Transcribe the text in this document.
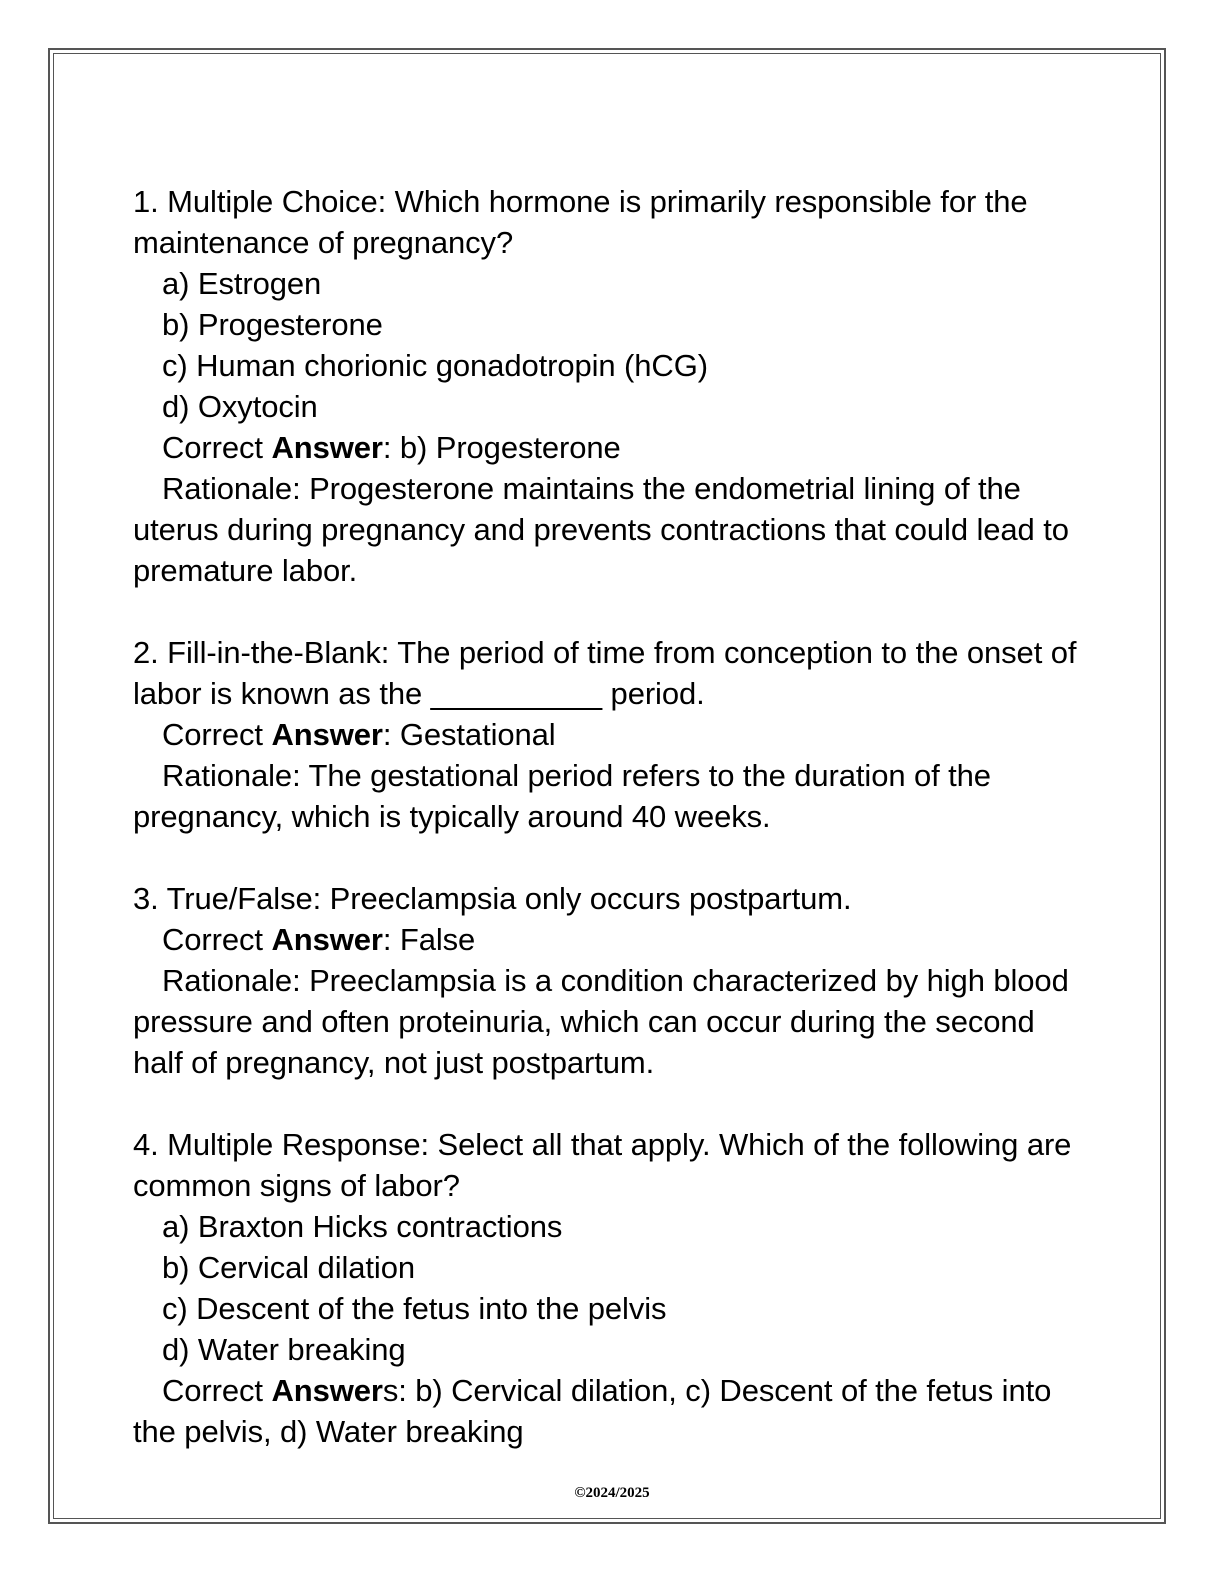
1. Multiple Choice: Which hormone is primarily responsible for the maintenance of pregnancy?

a) Estrogen

b) Progesterone

c) Human chorionic gonadotropin (hCG)

d) Oxytocin

Correct Answer: b) Progesterone

Rationale: Progesterone maintains the endometrial lining of the uterus during pregnancy and prevents contractions that could lead to premature labor.

2. Fill-in-the-Blank: The period of time from conception to the onset of labor is known as the __________ period.

Correct Answer: Gestational

Rationale: The gestational period refers to the duration of the pregnancy, which is typically around 40 weeks.

3. True/False: Preeclampsia only occurs postpartum.

Correct Answer: False

Rationale: Preeclampsia is a condition characterized by high blood pressure and often proteinuria, which can occur during the second half of pregnancy, not just postpartum.

4. Multiple Response: Select all that apply. Which of the following are common signs of labor?

a) Braxton Hicks contractions

b) Cervical dilation

c) Descent of the fetus into the pelvis

d) Water breaking

Correct Answers: b) Cervical dilation, c) Descent of the fetus into the pelvis, d) Water breaking

©2024/2025
